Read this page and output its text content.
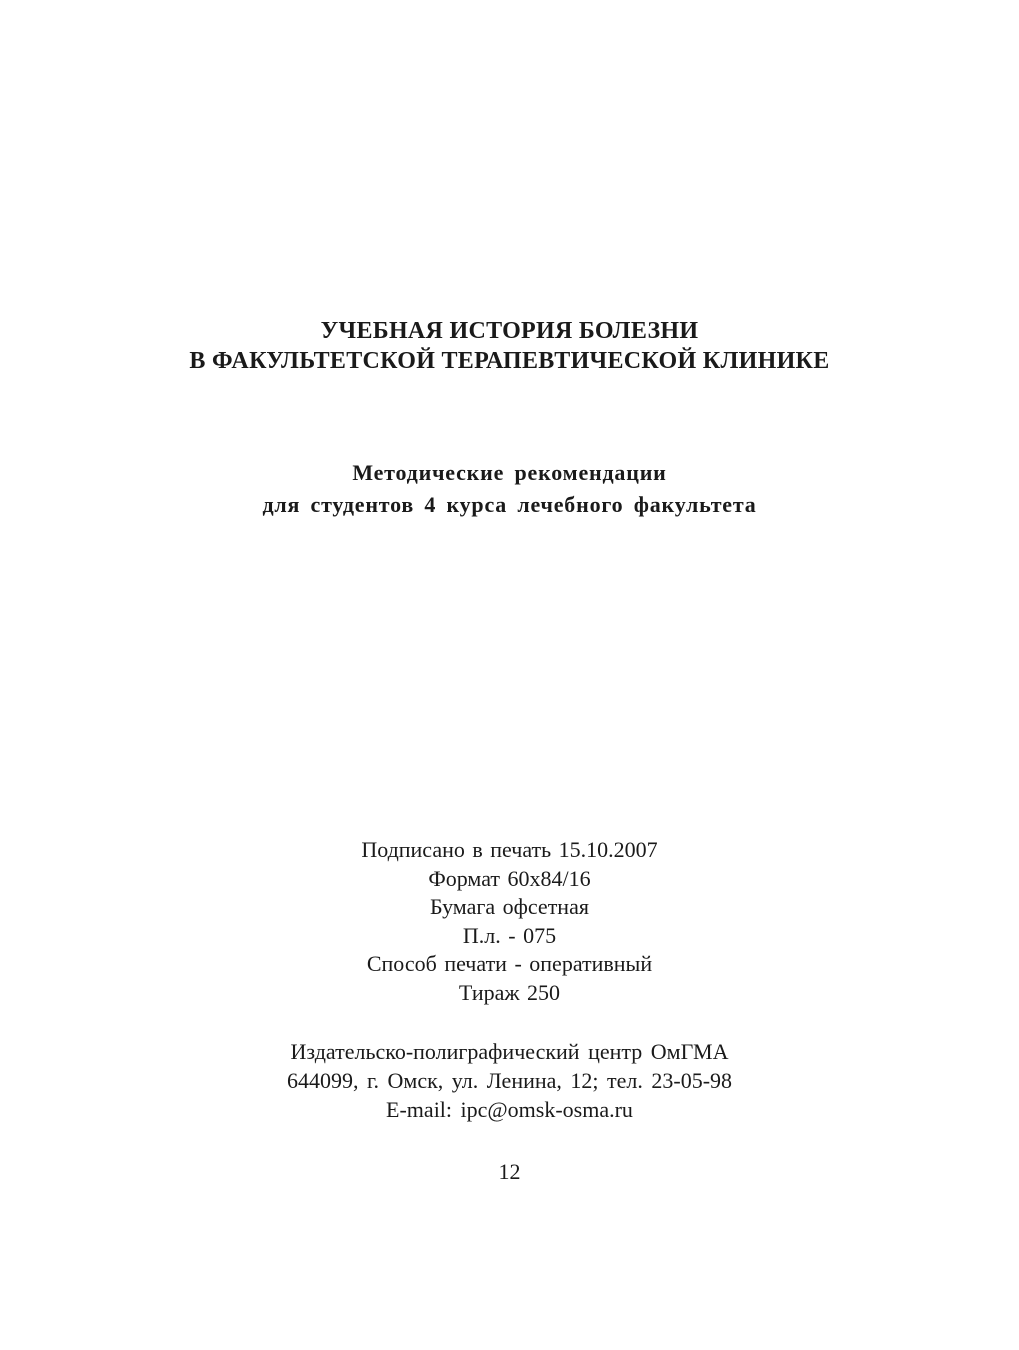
УЧЕБНАЯ ИСТОРИЯ БОЛЕЗНИ
В ФАКУЛЬТЕТСКОЙ ТЕРАПЕВТИЧЕСКОЙ КЛИНИКЕ
Методические рекомендации
для студентов 4 курса лечебного факультета
Подписано в печать 15.10.2007
Формат 60х84/16
Бумага офсетная
П.л. - 075
Способ печати - оперативный
Тираж 250
Издательско-полиграфический центр ОмГМА
644099, г. Омск, ул. Ленина, 12; тел. 23-05-98
E-mail: ipc@omsk-osma.ru
12
